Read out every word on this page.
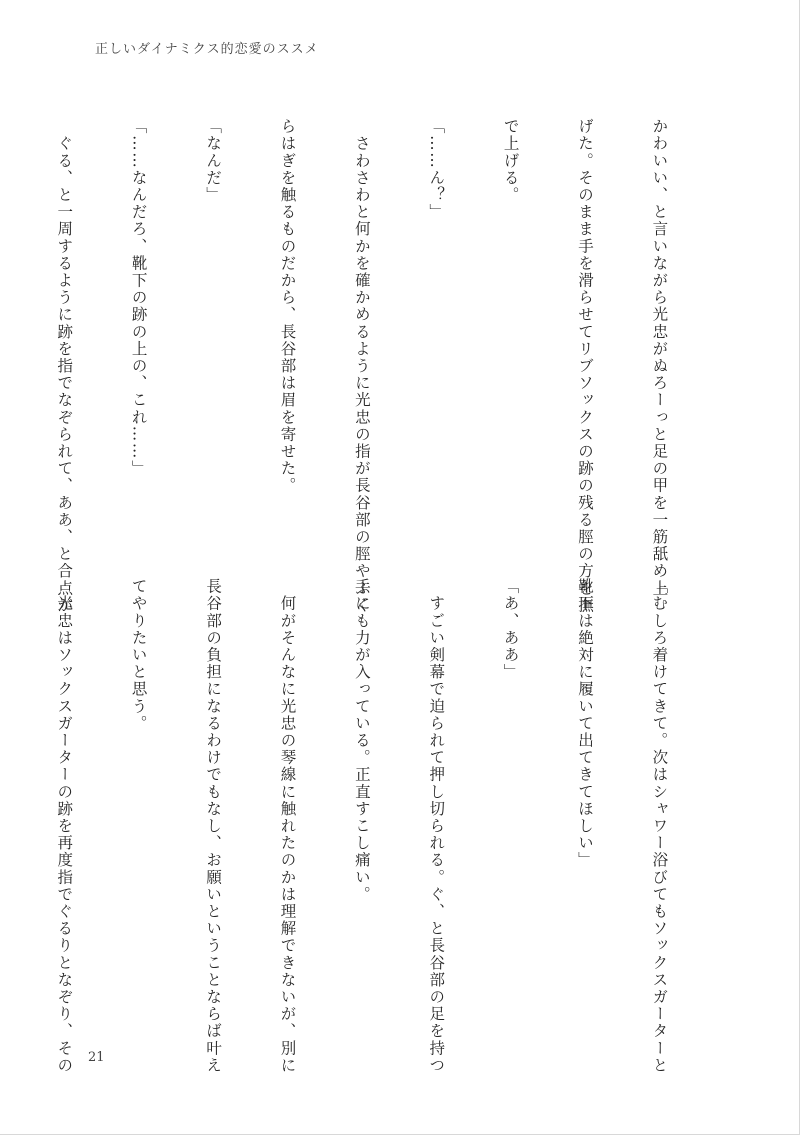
正しいダイナミクス的恋愛のススメ

かわいい、と言いながら光忠がぬろーっと足の甲を一筋舐め上

げた。そのまま手を滑らせてリブソックスの跡の残る脛の方を撫

で上げる。

「……ん？」

　さわさわと何かを確かめるように光忠の指が長谷部の脛やふく

らはぎを触るものだから、長谷部は眉を寄せた。

「なんだ」

「……なんだろ、靴下の跡の上の、これ……」

　ぐる、と一周するように跡を指でなぞられて、ああ、と合点が

「むしろ着けてきて。次はシャワー浴びてもソックスガーターと

靴下は絶対に履いて出てきてほしい」

「あ、ああ」

　すごい剣幕で迫られて押し切られる。ぐ、と長谷部の足を持つ

手にも力が入っている。正直すこし痛い。

　何がそんなに光忠の琴線に触れたのかは理解できないが、別に

長谷部の負担になるわけでもなし、お願いということならば叶え

てやりたいと思う。

　光忠はソックスガーターの跡を再度指でぐるりとなぞり、その

21
